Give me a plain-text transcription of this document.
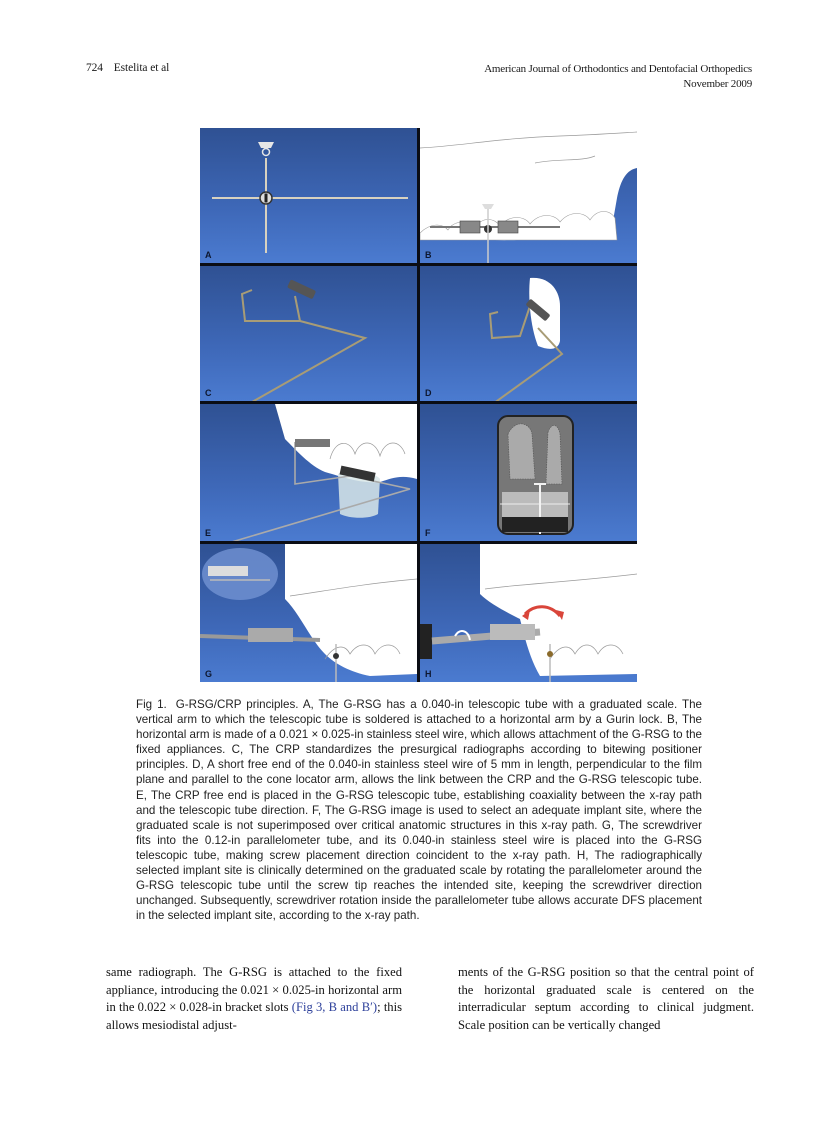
724 Estelita et al	American Journal of Orthodontics and Dentofacial Orthopedics
November 2009
A	B
C	D
E	F
G	H
Fig 1. G-RSG/CRP principles. A, The G-RSG has a 0.040-in telescopic tube with a graduated scale. The vertical arm to which the telescopic tube is soldered is attached to a horizontal arm by a Gurin lock. B, The horizontal arm is made of a 0.021 × 0.025-in stainless steel wire, which allows attachment of the G-RSG to the fixed appliances. C, The CRP standardizes the presurgical radiographs according to bitewing positioner principles. D, A short free end of the 0.040-in stainless steel wire of 5 mm in length, perpendicular to the film plane and parallel to the cone locator arm, allows the link between the CRP and the G-RSG telescopic tube. E, The CRP free end is placed in the G-RSG telescopic tube, establishing coaxiality between the x-ray path and the telescopic tube direction. F, The G-RSG image is used to select an adequate implant site, where the graduated scale is not superimposed over critical anatomic structures in this x-ray path. G, The screwdriver fits into the 0.12-in parallelometer tube, and its 0.040-in stainless steel wire is placed into the G-RSG telescopic tube, making screw placement direction coincident to the x-ray path. H, The radiographically selected implant site is clinically determined on the graduated scale by rotating the parallelometer around the G-RSG telescopic tube until the screw tip reaches the intended site, keeping the screwdriver direction unchanged. Subsequently, screwdriver rotation inside the parallelometer tube allows accurate DFS placement in the selected implant site, according to the x-ray path.

same radiograph. The G-RSG is attached to the fixed appliance, introducing the 0.021 × 0.025-in horizontal arm in the 0.022 × 0.028-in bracket slots (Fig 3, B and B′); this allows mesiodistal adjust-

ments of the G-RSG position so that the central point of the horizontal graduated scale is centered on the interradicular septum according to clinical judgment. Scale position can be vertically changed
